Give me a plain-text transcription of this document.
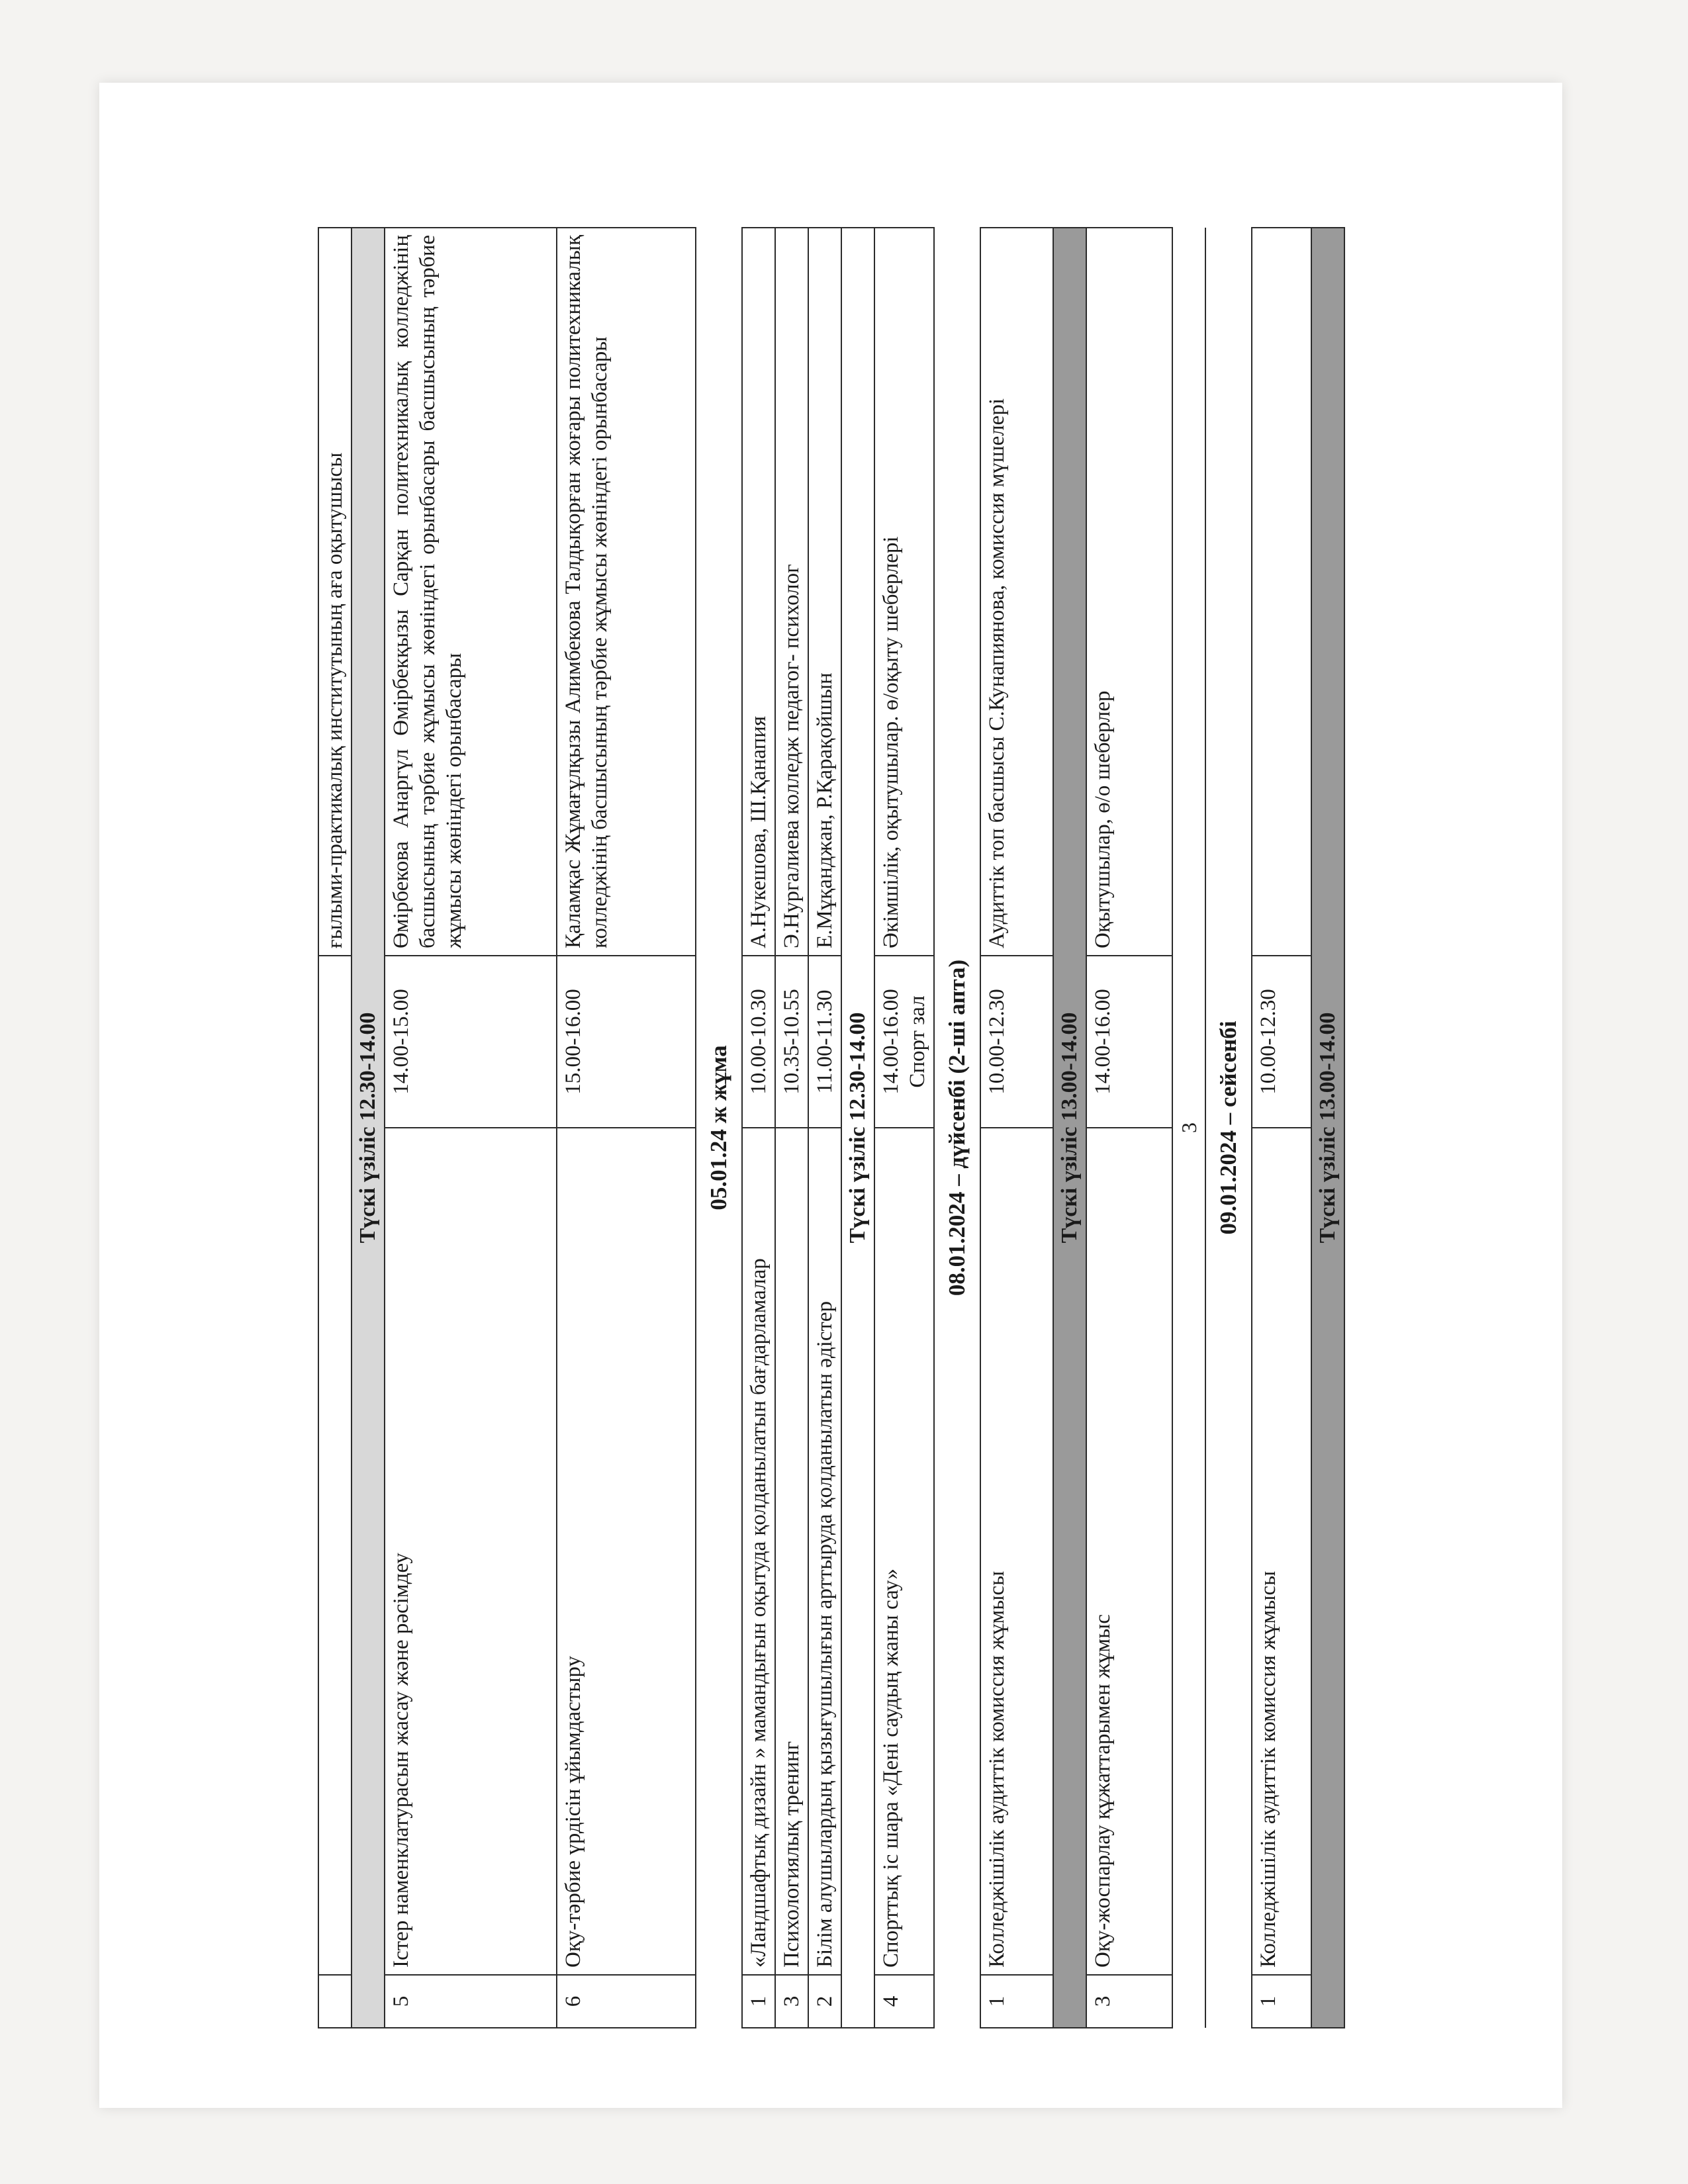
			ғылыми-практикалық институтының аға оқытушысы
Түскі үзіліс 12.30-14.00			
5	Істер наменклатурасын жасау және рәсімдеу	14.00-15.00	Өмірбекова Анаргүл Өмірбекқызы Сарқан политехникалық колледжінің басшысының тәрбие жұмысы жөніндегі орынбасары басшысының тәрбие жұмысы жөніндегі орынбасары
6	Оқу-тәрбие үрдісін ұйымдастыру	15.00-16.00	Қаламқас Жұмағұлқызы Алимбекова Талдықорған жоғары политехникалық колледжінің басшысының тәрбие жұмысы жөніндегі орынбасары
05.01.24 ж жұма			
1	«Ландшафтық дизайн » мамандығын оқытуда қолданылатын бағдарламалар	10.00-10.30	А.Нукешова, Ш.Қанапия
3	Психологиялық тренинг	10.35-10.55	Э.Нургалиева колледж педагог- психолог
2	Білім алушылардың қызығушылығын арттыруда қолданылатын әдістер	11.00-11.30	Е.Мұқанджан, Р.Қарақойшын
Түскі үзіліс 12.30-14.00			
4	Спорттық іс шара «Дені саудың жаны сау»	14.00-16.00 Спорт зал	Әкімшілік, оқытушылар. ө/оқыту шеберлері
08.01.2024 – дүйсенбі (2-ші апта)			
1	Колледжішілік аудиттік комиссия жұмысы	10.00-12.30	Аудиттік топ басшысы С.Кунапиянова, комиссия мүшелері
Түскі үзіліс 13.00-14.00			
3	Оқу-жоспарлау құжаттарымен жұмыс	14.00-16.00	Оқытушылар, ө/о шеберлер
3			
09.01.2024 – сейсенбі			
1	Колледжішілік аудиттік комиссия жұмысы	10.00-12.30	
Түскі үзіліс 13.00-14.00			
